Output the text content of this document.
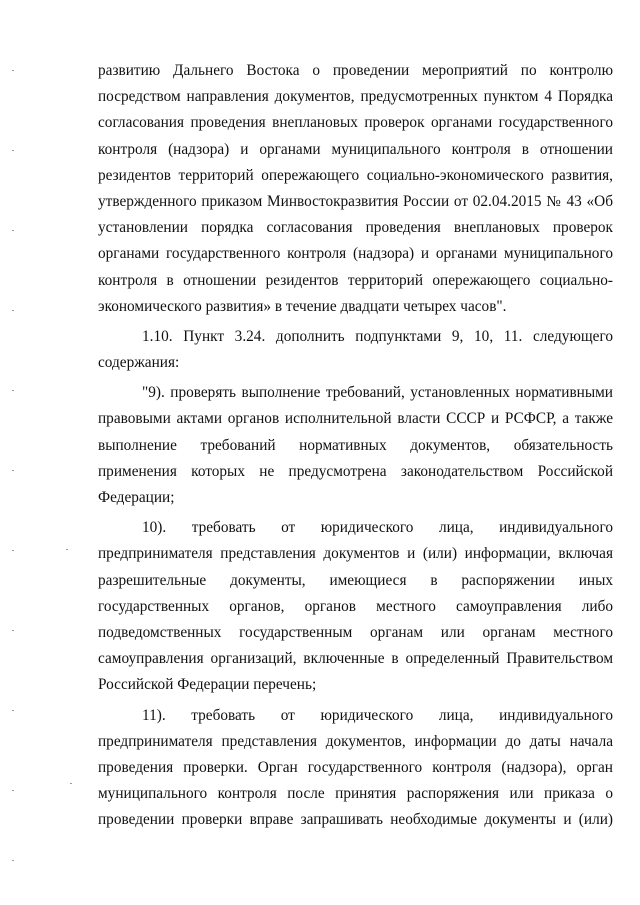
развитию Дальнего Востока о проведении мероприятий по контролю
посредством направления документов, предусмотренных пунктом 4 Порядка
согласования проведения внеплановых проверок органами государственного
контроля (надзора) и органами муниципального контроля в отношении
резидентов территорий опережающего социально-экономического развития,
утвержденного приказом Минвостокразвития России от 02.04.2015 № 43 «Об
установлении порядка согласования проведения внеплановых проверок
органами государственного контроля (надзора) и органами муниципального
контроля в отношении резидентов территорий опережающего социально-
экономического развития» в течение двадцати четырех часов".
1.10. Пункт 3.24. дополнить подпунктами 9, 10, 11. следующего
содержания:
"9). проверять выполнение требований, установленных нормативными
правовыми актами органов исполнительной власти СССР и РСФСР, а также
выполнение требований нормативных документов, обязательность
применения которых не предусмотрена законодательством Российской
Федерации;
10). требовать от юридического лица, индивидуального
предпринимателя представления документов и (или) информации, включая
разрешительные документы, имеющиеся в распоряжении иных
государственных органов, органов местного самоуправления либо
подведомственных государственным органам или органам местного
самоуправления организаций, включенные в определенный Правительством
Российской Федерации перечень;
11). требовать от юридического лица, индивидуального
предпринимателя представления документов, информации до даты начала
проведения проверки. Орган государственного контроля (надзора), орган
муниципального контроля после принятия распоряжения или приказа о
проведении проверки вправе запрашивать необходимые документы и (или)
